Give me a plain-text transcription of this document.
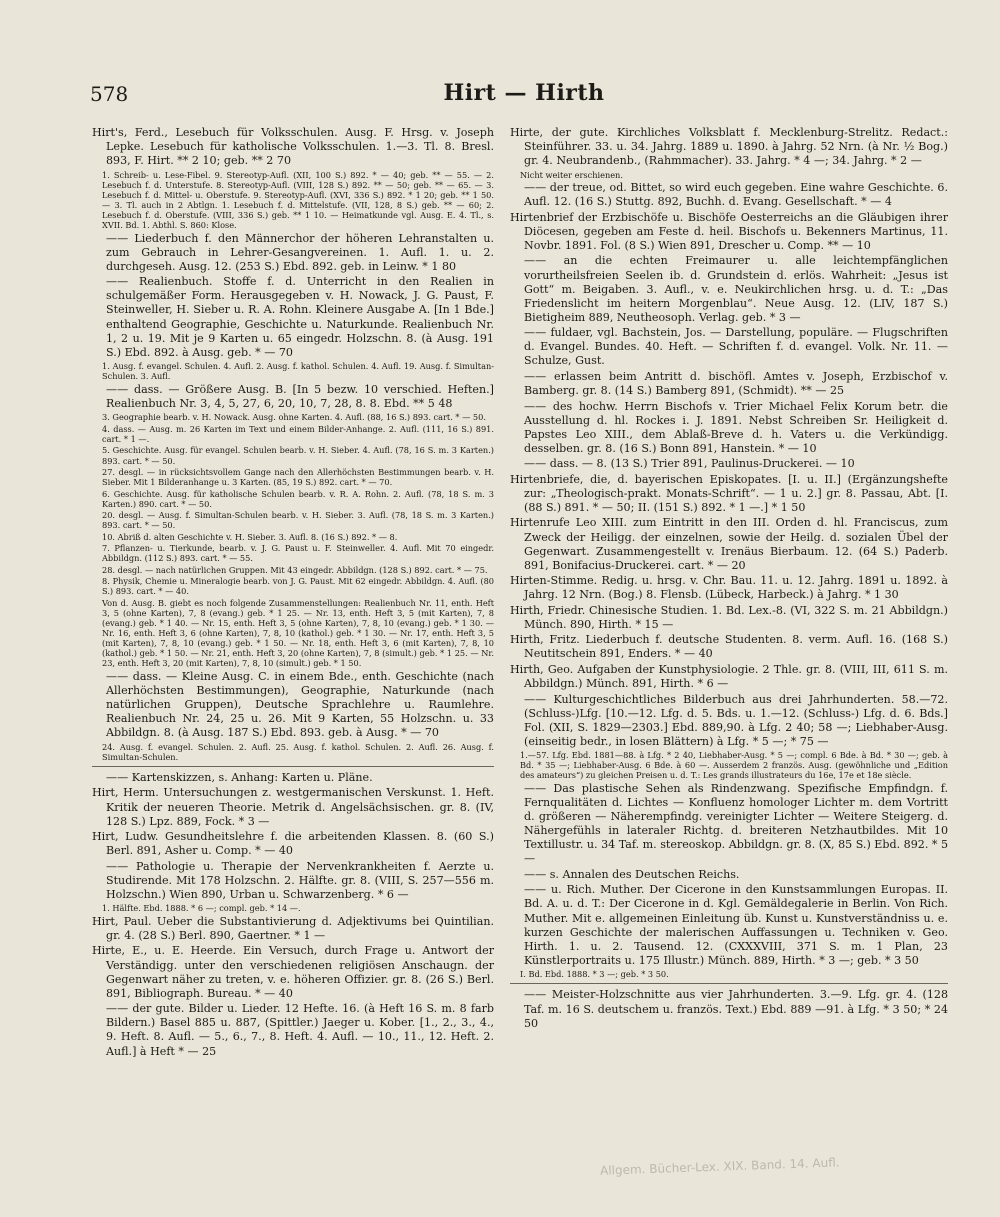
578	Hirt — Hirth
Hirt's, Ferd., Lesebuch für Volksschulen. Ausg. F. Hrsg. v. Joseph Lepke. Lesebuch für katholische Volksschulen. 1.—3. Tl. 8. Bresl. 893, F. Hirt. ** 2 10; geb. ** 2 70
1. Schreib- u. Lese-Fibel. 9. Stereotyp-Aufl. (XII, 100 S.) 892. * — 40; geb. ** — 55. — 2. Lesebuch f. d. Unterstufe. 8. Stereotyp-Aufl. (VIII, 128 S.) 892. ** — 50; geb. ** — 65. — 3. Lesebuch f. d. Mittel- u. Oberstufe. 9. Stereotyp-Aufl. (XVI, 336 S.) 892. * 1 20; geb. ** 1 50. — 3. Tl. auch in 2 Abtlgn. 1. Lesebuch f. d. Mittelstufe. (VII, 128, 8 S.) geb. ** — 60; 2. Lesebuch f. d. Oberstufe. (VIII, 336 S.) geb. ** 1 10. — Heimatkunde vgl. Ausg. E. 4. Tl., s. XVII. Bd. 1. Abthl. S. 860: Klose.
—— Liederbuch f. den Männerchor der höheren Lehranstalten u. zum Gebrauch in Lehrer-Gesangvereinen. 1. Aufl. 1. u. 2. durchgeseh. Ausg. 12. (253 S.) Ebd. 892. geb. in Leinw. * 1 80
—— Realienbuch. Stoffe f. d. Unterricht in den Realien in schulgemäßer Form. Herausgegeben v. H. Nowack, J. G. Paust, F. Steinweller, H. Sieber u. R. A. Rohn. Kleinere Ausgabe A. [In 1 Bde.] enthaltend Geographie, Geschichte u. Naturkunde. Realienbuch Nr. 1, 2 u. 19. Mit je 9 Karten u. 65 eingedr. Holzschn. 8. (à Ausg. 191 S.) Ebd. 892. à Ausg. geb. * — 70
1. Ausg. f. evangel. Schulen. 4. Aufl. 2. Ausg. f. kathol. Schulen. 4. Aufl. 19. Ausg. f. Simultan-Schulen. 3. Aufl.
—— dass. — Größere Ausg. B. [In 5 bezw. 10 verschied. Heften.] Realienbuch Nr. 3, 4, 5, 27, 6, 20, 10, 7, 28, 8. 8. Ebd. ** 5 48
3. Geographie bearb. v. H. Nowack. Ausg. ohne Karten. 4. Aufl. (88, 16 S.) 893. cart. * — 50.
4. dass. — Ausg. m. 26 Karten im Text und einem Bilder-Anhange. 2. Aufl. (111, 16 S.) 891. cart. * 1 —.
5. Geschichte. Ausg. für evangel. Schulen bearb. v. H. Sieber. 4. Aufl. (78, 16 S. m. 3 Karten.) 893. cart. * — 50.
27. desgl. — in rücksichtsvollem Gange nach den Allerhöchsten Bestimmungen bearb. v. H. Sieber. Mit 1 Bilderanhange u. 3 Karten. (85, 19 S.) 892. cart. * — 70.
6. Geschichte. Ausg. für katholische Schulen bearb. v. R. A. Rohn. 2. Aufl. (78, 18 S. m. 3 Karten.) 890. cart. * — 50.
20. desgl. — Ausg. f. Simultan-Schulen bearb. v. H. Sieber. 3. Aufl. (78, 18 S. m. 3 Karten.) 893. cart. * — 50.
10. Abriß d. alten Geschichte v. H. Sieber. 3. Aufl. 8. (16 S.) 892. * — 8.
7. Pflanzen- u. Tierkunde, bearb. v. J. G. Paust u. F. Steinweller. 4. Aufl. Mit 70 eingedr. Abbildgn. (112 S.) 893. cart. * — 55.
28. desgl. — nach natürlichen Gruppen. Mit 43 eingedr. Abbildgn. (128 S.) 892. cart. * — 75.
8. Physik, Chemie u. Mineralogie bearb. von J. G. Paust. Mit 62 eingedr. Abbildgn. 4. Aufl. (80 S.) 893. cart. * — 40.
Von d. Ausg. B. giebt es noch folgende Zusammenstellungen: Realienbuch Nr. 11, enth. Heft 3, 5 (ohne Karten), 7, 8 (evang.) geb. * 1 25. — Nr. 13, enth. Heft 3, 5 (mit Karten), 7, 8 (evang.) geb. * 1 40. — Nr. 15, enth. Heft 3, 5 (ohne Karten), 7, 8, 10 (evang.) geb. * 1 30. — Nr. 16, enth. Heft 3, 6 (ohne Karten), 7, 8, 10 (kathol.) geb. * 1 30. — Nr. 17, enth. Heft 3, 5 (mit Karten), 7, 8, 10 (evang.) geb. * 1 50. — Nr. 18, enth. Heft 3, 6 (mit Karten), 7, 8, 10 (kathol.) geb. * 1 50. — Nr. 21, enth. Heft 3, 20 (ohne Karten), 7, 8 (simult.) geb. * 1 25. — Nr. 23, enth. Heft 3, 20 (mit Karten), 7, 8, 10 (simult.) geb. * 1 50.
—— dass. — Kleine Ausg. C. in einem Bde., enth. Geschichte (nach Allerhöchsten Bestimmungen), Geographie, Naturkunde (nach natürlichen Gruppen), Deutsche Sprachlehre u. Raumlehre. Realienbuch Nr. 24, 25 u. 26. Mit 9 Karten, 55 Holzschn. u. 33 Abbildgn. 8. (à Ausg. 187 S.) Ebd. 893. geb. à Ausg. * — 70
24. Ausg. f. evangel. Schulen. 2. Aufl. 25. Ausg. f. kathol. Schulen. 2. Aufl. 26. Ausg. f. Simultan-Schulen.
—— Kartenskizzen, s. Anhang: Karten u. Pläne.
Hirt, Herm. Untersuchungen z. westgermanischen Verskunst. 1. Heft. Kritik der neueren Theorie. Metrik d. Angelsächsischen. gr. 8. (IV, 128 S.) Lpz. 889, Fock. * 3 —
Hirt, Ludw. Gesundheitslehre f. die arbeitenden Klassen. 8. (60 S.) Berl. 891, Asher u. Comp. * — 40
—— Pathologie u. Therapie der Nervenkrankheiten f. Aerzte u. Studirende. Mit 178 Holzschn. 2. Hälfte. gr. 8. (VIII, S. 257—556 m. Holzschn.) Wien 890, Urban u. Schwarzenberg. * 6 —
1. Hälfte. Ebd. 1888. * 6 —; compl. geb. * 14 —.
Hirt, Paul. Ueber die Substantivierung d. Adjektivums bei Quintilian. gr. 4. (28 S.) Berl. 890, Gaertner. * 1 —
Hirte, E., u. E. Heerde. Ein Versuch, durch Frage u. Antwort der Verständigg. unter den verschiedenen religiösen Anschaugn. der Gegenwart näher zu treten, v. e. höheren Offizier. gr. 8. (26 S.) Berl. 891, Bibliograph. Bureau. * — 40
—— der gute. Bilder u. Lieder. 12 Hefte. 16. (à Heft 16 S. m. 8 farb Bildern.) Basel 885 u. 887, (Spittler.) Jaeger u. Kober. [1., 2., 3., 4., 9. Heft. 8. Aufl. — 5., 6., 7., 8. Heft. 4. Aufl. — 10., 11., 12. Heft. 2. Aufl.] à Heft * — 25
Hirte, der gute. Kirchliches Volksblatt f. Mecklenburg-Strelitz. Redact.: Steinführer. 33. u. 34. Jahrg. 1889 u. 1890. à Jahrg. 52 Nrn. (à Nr. ½ Bog.) gr. 4. Neubrandenb., (Rahmmacher). 33. Jahrg. * 4 —; 34. Jahrg. * 2 —
Nicht weiter erschienen.
—— der treue, od. Bittet, so wird euch gegeben. Eine wahre Geschichte. 6. Aufl. 12. (16 S.) Stuttg. 892, Buchh. d. Evang. Gesellschaft. * — 4
Hirtenbrief der Erzbischöfe u. Bischöfe Oesterreichs an die Gläubigen ihrer Diöcesen, gegeben am Feste d. heil. Bischofs u. Bekenners Martinus, 11. Novbr. 1891. Fol. (8 S.) Wien 891, Drescher u. Comp. ** — 10
—— an die echten Freimaurer u. alle leichtempfänglichen vorurtheilsfreien Seelen ib. d. Grundstein d. erlös. Wahrheit: „Jesus ist Gott“ m. Beigaben. 3. Aufl., v. e. Neukirchlichen hrsg. u. d. T.: „Das Friedenslicht im heitern Morgenblau“. Neue Ausg. 12. (LIV, 187 S.) Bietigheim 889, Neutheosoph. Verlag. geb. * 3 —
—— fuldaer, vgl. Bachstein, Jos. — Darstellung, populäre. — Flugschriften d. Evangel. Bundes. 40. Heft. — Schriften f. d. evangel. Volk. Nr. 11. — Schulze, Gust.
—— erlassen beim Antritt d. bischöfl. Amtes v. Joseph, Erzbischof v. Bamberg. gr. 8. (14 S.) Bamberg 891, (Schmidt). ** — 25
—— des hochw. Herrn Bischofs v. Trier Michael Felix Korum betr. die Ausstellung d. hl. Rockes i. J. 1891. Nebst Schreiben Sr. Heiligkeit d. Papstes Leo XIII., dem Ablaß-Breve d. h. Vaters u. die Verkündigg. desselben. gr. 8. (16 S.) Bonn 891, Hanstein. * — 10
—— dass. — 8. (13 S.) Trier 891, Paulinus-Druckerei. — 10
Hirtenbriefe, die, d. bayerischen Episkopates. [I. u. II.] (Ergänzungshefte zur: „Theologisch-prakt. Monats-Schrift“. — 1 u. 2.] gr. 8. Passau, Abt. [I. (88 S.) 891. * — 50; II. (151 S.) 892. * 1 —.] * 1 50
Hirtenrufe Leo XIII. zum Eintritt in den III. Orden d. hl. Franciscus, zum Zweck der Heiligg. der einzelnen, sowie der Heilg. d. sozialen Übel der Gegenwart. Zusammengestellt v. Irenäus Bierbaum. 12. (64 S.) Paderb. 891, Bonifacius-Druckerei. cart. * — 20
Hirten-Stimme. Redig. u. hrsg. v. Chr. Bau. 11. u. 12. Jahrg. 1891 u. 1892. à Jahrg. 12 Nrn. (Bog.) 8. Flensb. (Lübeck, Harbeck.) à Jahrg. * 1 30
Hirth, Friedr. Chinesische Studien. 1. Bd. Lex.-8. (VI, 322 S. m. 21 Abbildgn.) Münch. 890, Hirth. * 15 —
Hirth, Fritz. Liederbuch f. deutsche Studenten. 8. verm. Aufl. 16. (168 S.) Neutitschein 891, Enders. * — 40
Hirth, Geo. Aufgaben der Kunstphysiologie. 2 Thle. gr. 8. (VIII, III, 611 S. m. Abbildgn.) Münch. 891, Hirth. * 6 —
—— Kulturgeschichtliches Bilderbuch aus drei Jahrhunderten. 58.—72. (Schluss-)Lfg. [10.—12. Lfg. d. 5. Bds. u. 1.—12. (Schluss-) Lfg. d. 6. Bds.] Fol. (XII, S. 1829—2303.] Ebd. 889,90. à Lfg. 2 40; 58 —; Liebhaber-Ausg. (einseitig bedr., in losen Blättern) à Lfg. * 5 —; * 75 —
1.—57. Lfg. Ebd. 1881—88. à Lfg. * 2 40, Liebhaber-Ausg. * 5 —; compl. 6 Bde. à Bd. * 30 —; geb. à Bd. * 35 —; Liebhaber-Ausg. 6 Bde. à 60 —. Ausserdem 2 französ. Ausg. (gewöhnliche und „Edition des amateurs“) zu gleichen Preisen u. d. T.: Les grands illustrateurs du 16e, 17e et 18e siècle.
—— Das plastische Sehen als Rindenzwang. Spezifische Empfindgn. f. Fernqualitäten d. Lichtes — Konfluenz homologer Lichter m. dem Vortritt d. größeren — Näherempfindg. vereinigter Lichter — Weitere Steigerg. d. Nähergefühls in lateraler Richtg. d. breiteren Netzhautbildes. Mit 10 Textillustr. u. 34 Taf. m. stereoskop. Abbildgn. gr. 8. (X, 85 S.) Ebd. 892. * 5 —
—— s. Annalen des Deutschen Reichs.
—— u. Rich. Muther. Der Cicerone in den Kunstsammlungen Europas. II. Bd. A. u. d. T.: Der Cicerone in d. Kgl. Gemäldegalerie in Berlin. Von Rich. Muther. Mit e. allgemeinen Einleitung üb. Kunst u. Kunstverständniss u. e. kurzen Geschichte der malerischen Auffassungen u. Techniken v. Geo. Hirth. 1. u. 2. Tausend. 12. (CXXXVIII, 371 S. m. 1 Plan, 23 Künstlerportraits u. 175 Illustr.) Münch. 889, Hirth. * 3 —; geb. * 3 50
I. Bd. Ebd. 1888. * 3 —; geb. * 3 50.
—— Meister-Holzschnitte aus vier Jahrhunderten. 3.—9. Lfg. gr. 4. (128 Taf. m. 16 S. deutschem u. französ. Text.) Ebd. 889 —91. à Lfg. * 3 50; * 24 50
Allgem. Bücher-Lex. XIX. Band. 14. Aufl.
